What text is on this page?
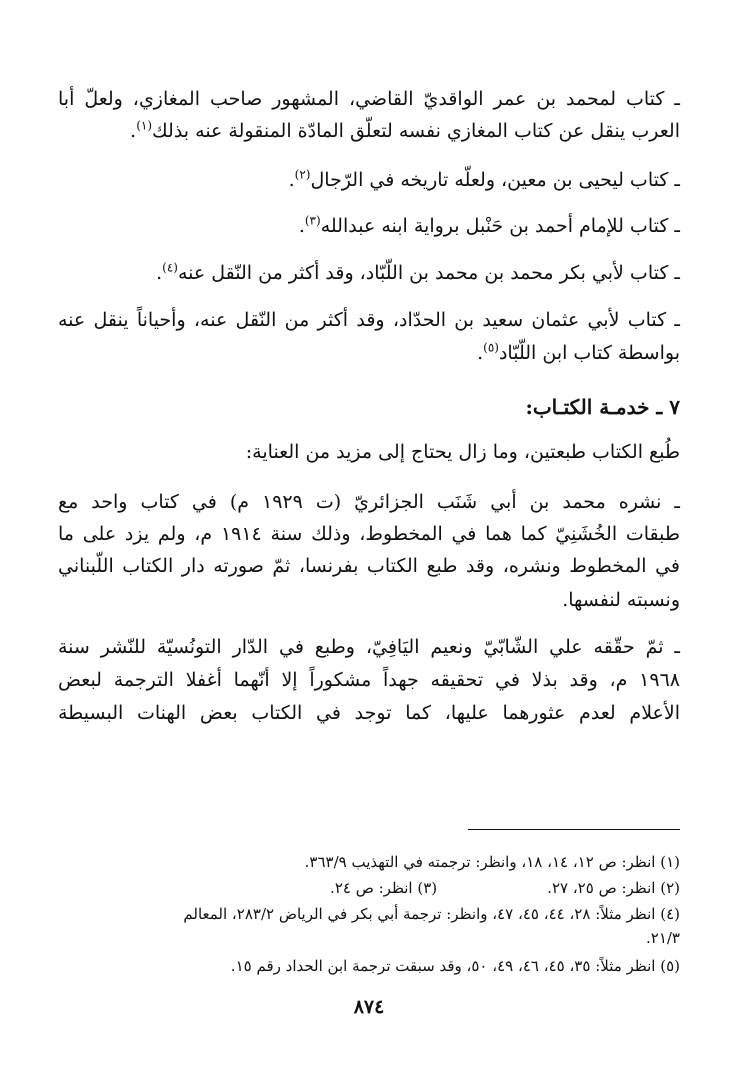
ـ كتاب لمحمد بن عمر الواقديّ القاضي، المشهور صاحب المغازي، ولعلّ أبا
العرب ينقل عن كتاب المغازي نفسه لتعلّق المادّة المنقولة عنه بذلك$^{(١)}$.
ـ كتاب ليحيى بن معين، ولعلّه تاريخه في الرّجال$^{(٢)}$.
ـ كتاب للإمام أحمد بن حَنْبل برواية ابنه عبدالله$^{(٣)}$.
ـ كتاب لأبي بكر محمد بن محمد بن اللّبّاد، وقد أكثر من النّقل عنه$^{(٤)}$.
ـ كتاب لأبي عثمان سعيد بن الحدّاد، وقد أكثر من النّقل عنه، وأحياناً ينقل عنه
بواسطة كتاب ابن اللّبّاد$^{(٥)}$.
٧ ـ خدمـة الكتـاب:
طُبع الكتاب طبعتين، وما زال يحتاج إلى مزيد من العناية:
ـ نشره محمد بن أبي شَنَب الجزائريّ (ت ١٩٢٩ م) في كتاب واحد مع
طبقات الخُشَنِيّ كما هما في المخطوط، وذلك سنة ١٩١٤ م، ولم يزد على ما
في المخطوط ونشره، وقد طبع الكتاب بفرنسا، ثمّ صورته دار الكتاب اللّبناني
ونسبته لنفسها.
ـ ثمّ حقّقه علي الشّابّيّ ونعيم اليَافِيّ، وطبع في الدّار التونُسيّة للنّشر سنة
١٩٦٨ م، وقد بذلا في تحقيقه جهداً مشكوراً إلا أنّهما أغفلا الترجمة لبعض
الأعلام لعدم عثورهما عليها، كما توجد في الكتاب بعض الهنات البسيطة
(١) انظر: ص ١٢، ١٤، ١٨، وانظر: ترجمته في التهذيب ٣٦٣/٩.
(٢) انظر: ص ٢٥، ٢٧.(٣) انظر: ص ٢٤.
(٤) انظر مثلاً: ٢٨، ٤٤، ٤٥، ٤٧، وانظر: ترجمة أبي بكر في الرياض ٢٨٣/٢، المعالم
٢١/٣.
(٥) انظر مثلاً: ٣٥، ٤٥، ٤٦، ٤٩، ٥٠، وقد سبقت ترجمة ابن الحداد رقم ١٥.
٨٧٤
